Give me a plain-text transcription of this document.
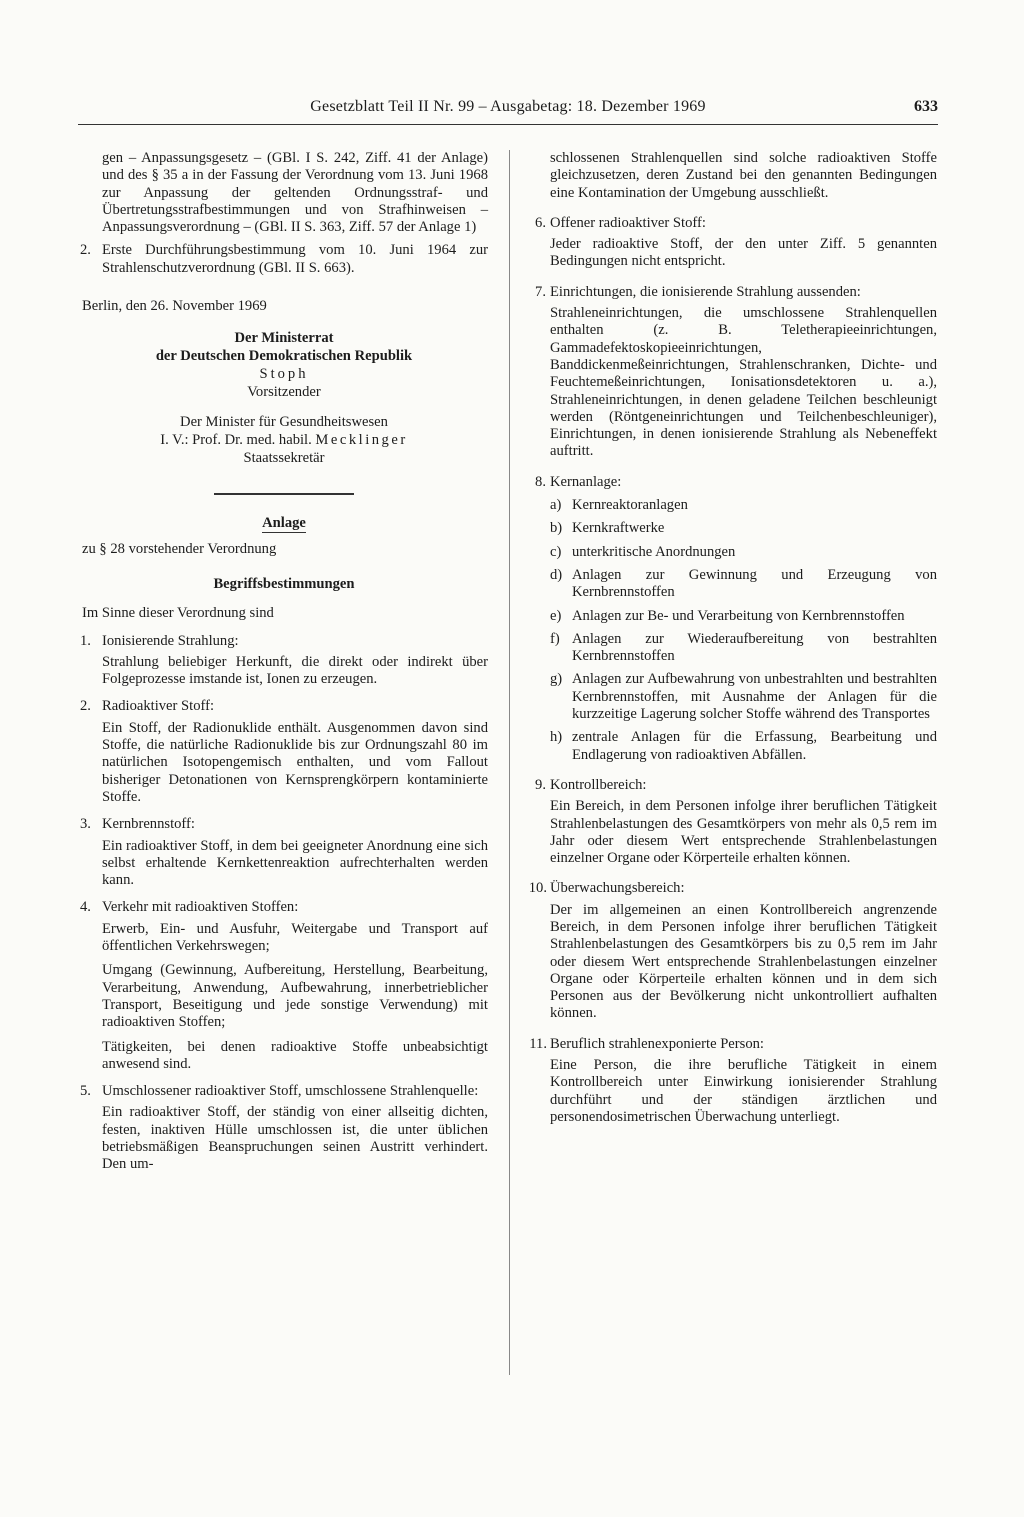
Gesetzblatt Teil II Nr. 99 – Ausgabetag: 18. Dezember 1969	633

gen – Anpassungsgesetz – (GBl. I S. 242, Ziff. 41 der Anlage) und des § 35 a in der Fassung der Verordnung vom 13. Juni 1968 zur Anpassung der geltenden Ordnungsstraf- und Übertretungsstrafbestimmungen und von Strafhinweisen – Anpassungsverordnung – (GBl. II S. 363, Ziff. 57 der Anlage 1)

2. Erste Durchführungsbestimmung vom 10. Juni 1964 zur Strahlenschutzverordnung (GBl. II S. 663).

Berlin, den 26. November 1969

Der Ministerrat
der Deutschen Demokratischen Republik
Stoph
Vorsitzender
Der Minister für Gesundheitswesen
I. V.: Prof. Dr. med. habil. Mecklinger
Staatssekretär
Anlage

zu § 28 vorstehender Verordnung

Begriffsbestimmungen

Im Sinne dieser Verordnung sind

1. Ionisierende Strahlung:

Strahlung beliebiger Herkunft, die direkt oder indirekt über Folgeprozesse imstande ist, Ionen zu erzeugen.

2. Radioaktiver Stoff:

Ein Stoff, der Radionuklide enthält. Ausgenommen davon sind Stoffe, die natürliche Radionuklide bis zur Ordnungszahl 80 im natürlichen Isotopengemisch enthalten, und vom Fallout bisheriger Detonationen von Kernsprengkörpern kontaminierte Stoffe.

3. Kernbrennstoff:

Ein radioaktiver Stoff, in dem bei geeigneter Anordnung eine sich selbst erhaltende Kernkettenreaktion aufrechterhalten werden kann.

4. Verkehr mit radioaktiven Stoffen:

Erwerb, Ein- und Ausfuhr, Weitergabe und Transport auf öffentlichen Verkehrswegen;

Umgang (Gewinnung, Aufbereitung, Herstellung, Bearbeitung, Verarbeitung, Anwendung, Aufbewahrung, innerbetrieblicher Transport, Beseitigung und jede sonstige Verwendung) mit radioaktiven Stoffen;

Tätigkeiten, bei denen radioaktive Stoffe unbeabsichtigt anwesend sind.

5. Umschlossener radioaktiver Stoff, umschlossene Strahlenquelle:

Ein radioaktiver Stoff, der ständig von einer allseitig dichten, festen, inaktiven Hülle umschlossen ist, die unter üblichen betriebsmäßigen Beanspruchungen seinen Austritt verhindert. Den um-

schlossenen Strahlenquellen sind solche radioaktiven Stoffe gleichzusetzen, deren Zustand bei den genannten Bedingungen eine Kontamination der Umgebung ausschließt.

6. Offener radioaktiver Stoff:

Jeder radioaktive Stoff, der den unter Ziff. 5 genannten Bedingungen nicht entspricht.

7. Einrichtungen, die ionisierende Strahlung aussenden:

Strahleneinrichtungen, die umschlossene Strahlenquellen enthalten (z. B. Teletherapieeinrichtungen, Gammadefektoskopieeinrichtungen, Banddickenmeßeinrichtungen, Strahlenschranken, Dichte- und Feuchtemeßeinrichtungen, Ionisationsdetektoren u. a.), Strahleneinrichtungen, in denen geladene Teilchen beschleunigt werden (Röntgeneinrichtungen und Teilchenbeschleuniger), Einrichtungen, in denen ionisierende Strahlung als Nebeneffekt auftritt.

8. Kernanlage:
a) Kernreaktoranlagen
b) Kernkraftwerke
c) unterkritische Anordnungen
d) Anlagen zur Gewinnung und Erzeugung von Kernbrennstoffen
e) Anlagen zur Be- und Verarbeitung von Kernbrennstoffen
f) Anlagen zur Wiederaufbereitung von bestrahlten Kernbrennstoffen
g) Anlagen zur Aufbewahrung von unbestrahlten und bestrahlten Kernbrennstoffen, mit Ausnahme der Anlagen für die kurzzeitige Lagerung solcher Stoffe während des Transportes
h) zentrale Anlagen für die Erfassung, Bearbeitung und Endlagerung von radioaktiven Abfällen.
9. Kontrollbereich:

Ein Bereich, in dem Personen infolge ihrer beruflichen Tätigkeit Strahlenbelastungen des Gesamtkörpers von mehr als 0,5 rem im Jahr oder diesem Wert entsprechende Strahlenbelastungen einzelner Organe oder Körperteile erhalten können.

10. Überwachungsbereich:

Der im allgemeinen an einen Kontrollbereich angrenzende Bereich, in dem Personen infolge ihrer beruflichen Tätigkeit Strahlenbelastungen des Gesamtkörpers bis zu 0,5 rem im Jahr oder diesem Wert entsprechende Strahlenbelastungen einzelner Organe oder Körperteile erhalten können und in dem sich Personen aus der Bevölkerung nicht unkontrolliert aufhalten können.

11. Beruflich strahlenexponierte Person:

Eine Person, die ihre berufliche Tätigkeit in einem Kontrollbereich unter Einwirkung ionisierender Strahlung durchführt und der ständigen ärztlichen und personendosimetrischen Überwachung unterliegt.
